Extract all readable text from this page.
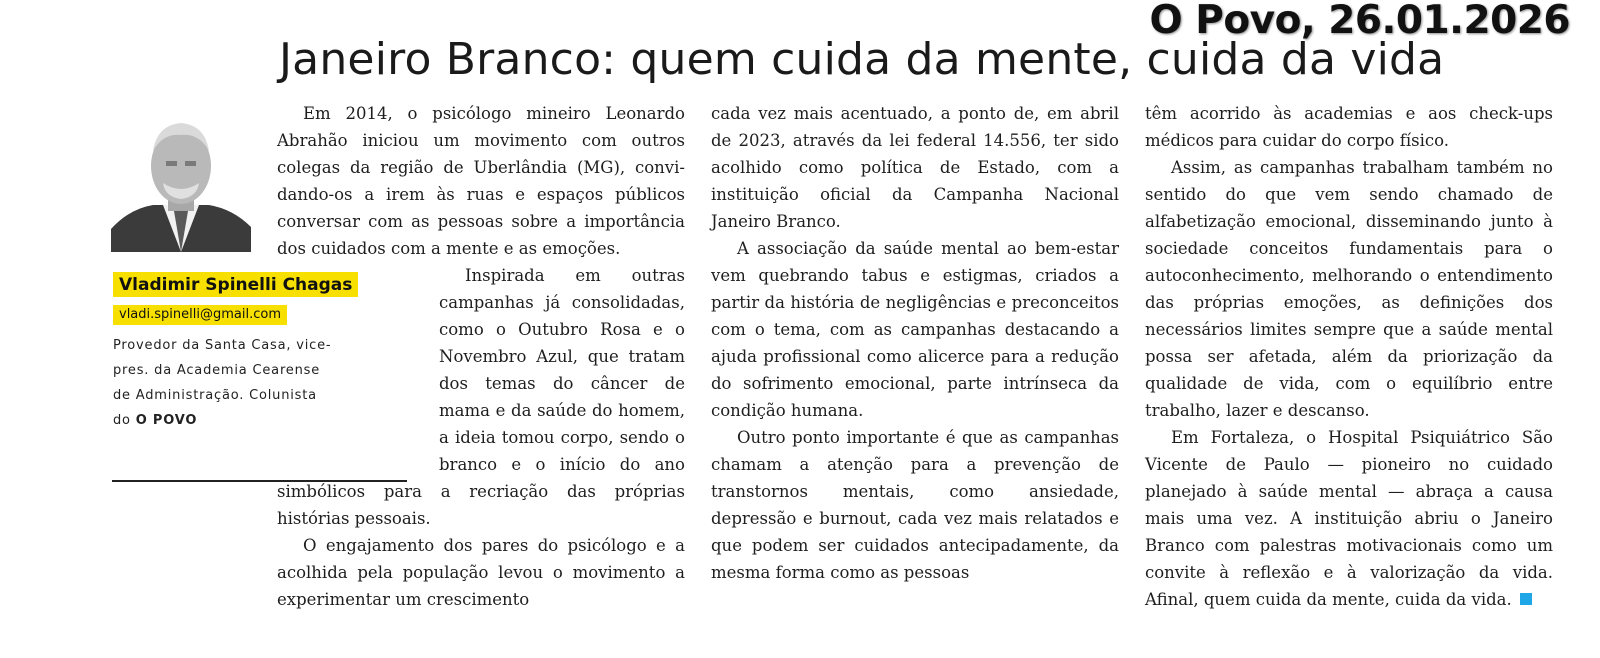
O Povo, 26.01.2026
Janeiro Branco: quem cuida da mente, cuida da vida
Vladimir Spinelli Chagas
vladi.spinelli@gmail.com
Provedor da Santa Casa, vice-pres. da Academia Cearense de Administração. Colunista do O POVO

Em 2014, o psicólogo mineiro Leonardo Abrahão iniciou um movimento com outros colegas da região de Uberlândia (MG), convidando-os a irem às ruas e espaços públicos conversar com as pessoas sobre a importância dos cuidados com a mente e as emoções.

Inspirada em outras campanhas já consolidadas, como o Outubro Rosa e o Novembro Azul, que tratam dos temas do câncer de mama e da saúde do homem, a ideia tomou corpo, sendo o branco e o início do ano simbólicos para a recriação das próprias histórias pessoais.

O engajamento dos pares do psicólogo e a acolhida pela população levou o movimento a experimentar um crescimento

cada vez mais acentuado, a ponto de, em abril de 2023, através da lei federal 14.556, ter sido acolhido como política de Estado, com a instituição oficial da Campanha Nacional Janeiro Branco.

A associação da saúde mental ao bem-estar vem quebrando tabus e estigmas, criados a partir da história de negligências e preconceitos com o tema, com as campanhas destacando a ajuda profissional como alicerce para a redução do sofrimento emocional, parte intrínseca da condição humana.

Outro ponto importante é que as campanhas chamam a atenção para a prevenção de transtornos mentais, como ansiedade, depressão e burnout, cada vez mais relatados e que podem ser cuidados antecipadamente, da mesma forma como as pessoas

têm acorrido às academias e aos check-ups médicos para cuidar do corpo físico.

Assim, as campanhas trabalham também no sentido do que vem sendo chamado de alfabetização emocional, disseminando junto à sociedade conceitos fundamentais para o autoconhecimento, melhorando o entendimento das próprias emoções, as definições dos necessários limites sempre que a saúde mental possa ser afetada, além da priorização da qualidade de vida, com o equilíbrio entre trabalho, lazer e descanso.

Em Fortaleza, o Hospital Psiquiátrico São Vicente de Paulo — pioneiro no cuidado planejado à saúde mental — abraça a causa mais uma vez. A instituição abriu o Janeiro Branco com palestras motivacionais como um convite à reflexão e à valorização da vida. Afinal, quem cuida da mente, cuida da vida.
